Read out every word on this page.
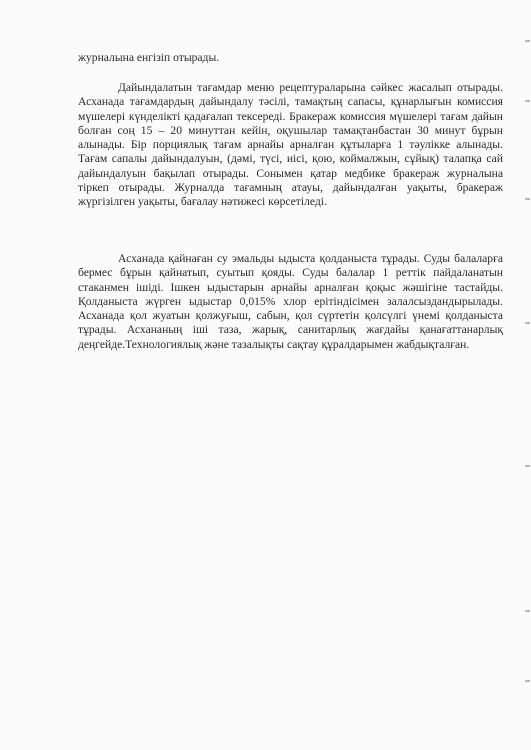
журналына енгізіп отырады.
Дайындалатын тағамдар меню рецептураларына сәйкес жасалып отырады. Асханада тағамдардың дайындалу тәсілі, тамақтың сапасы, құнарлығын комиссия мүшелері күнделікті қадағалап тексереді. Бракераж комиссия мүшелері тағам дайын болған соң 15 – 20 минуттан кейін, оқушылар тамақтанбастан 30 минут бұрын алынады. Бір порциялық тағам арнайы арналған құтыларға 1 тәулікке алынады. Тағам сапалы дайындалуын, (дәмі, түсі, иісі, қою, коймалжын, сұйық) талапқа сай дайындалуын бақылап отырады. Сонымен қатар медбике бракераж журналына тіркеп отырады. Журналда тағамның атауы, дайындалған уақыты, бракераж жүргізілген уақыты, бағалау нәтижесі көрсетіледі.
Асханада қайнаған су эмальды ыдыста қолданыста тұрады. Суды балаларға бермес бұрын қайнатып, суытып қояды. Суды балалар 1 реттік пайдаланатын стаканмен ішіді. Ішкен ыдыстарын арнайы арналған қоқыс жәшігіне тастайды. Қолданыста жүрген ыдыстар 0,015% хлор ерітіндісімен залалсыздандырылады. Асханада қол жуатын қолжуғыш, сабын, қол сүртетін қолсүлгі үнемі қолданыста тұрады. Асхананың іші таза, жарық, санитарлық жағдайы қанағаттанарлық деңгейде.Технологиялық және тазалықты сақтау құралдарымен жабдықталған.
